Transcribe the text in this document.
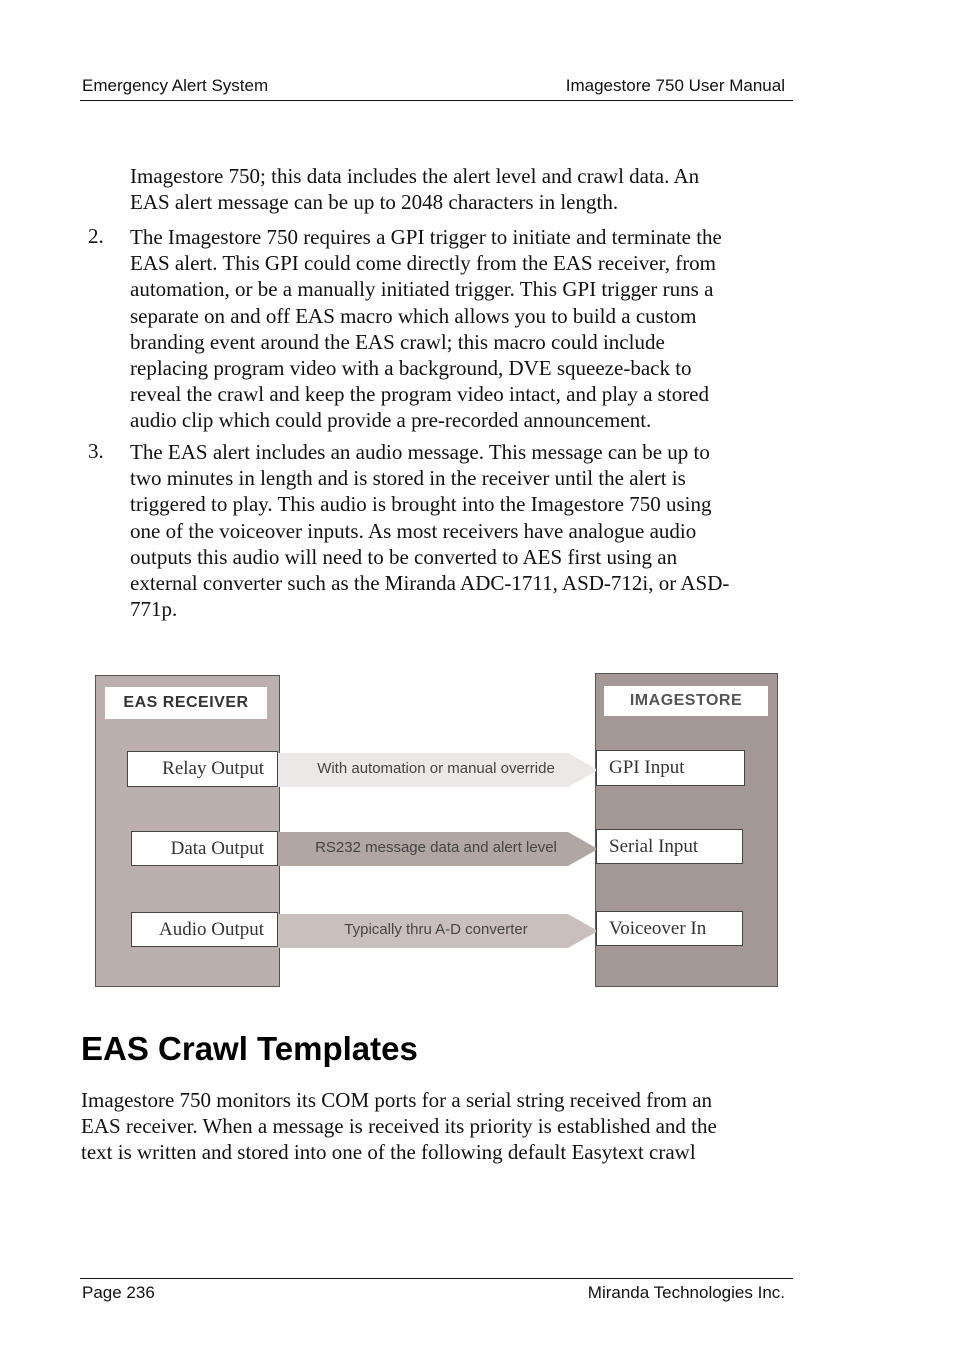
Emergency Alert System	Imagestore 750 User Manual
Imagestore 750; this data includes the alert level and crawl data. An
EAS alert message can be up to 2048 characters in length.
2. The Imagestore 750 requires a GPI trigger to initiate and terminate the
EAS alert. This GPI could come directly from the EAS receiver, from
automation, or be a manually initiated trigger. This GPI trigger runs a
separate on and off EAS macro which allows you to build a custom
branding event around the EAS crawl; this macro could include
replacing program video with a background, DVE squeeze-back to
reveal the crawl and keep the program video intact, and play a stored
audio clip which could provide a pre-recorded announcement.
3. The EAS alert includes an audio message. This message can be up to
two minutes in length and is stored in the receiver until the alert is
triggered to play. This audio is brought into the Imagestore 750 using
one of the voiceover inputs. As most receivers have analogue audio
outputs this audio will need to be converted to AES first using an
external converter such as the Miranda ADC-1711, ASD-712i, or ASD-
771p.
EAS RECEIVER	IMAGESTORE
With automation or manual override
RS232 message data and alert level
Typically thru A-D converter
Relay Output
Data Output
Audio Output
GPI Input
Serial Input
Voiceover In
EAS Crawl Templates
Imagestore 750 monitors its COM ports for a serial string received from an
EAS receiver. When a message is received its priority is established and the
text is written and stored into one of the following default Easytext crawl
Page 236	Miranda Technologies Inc.
